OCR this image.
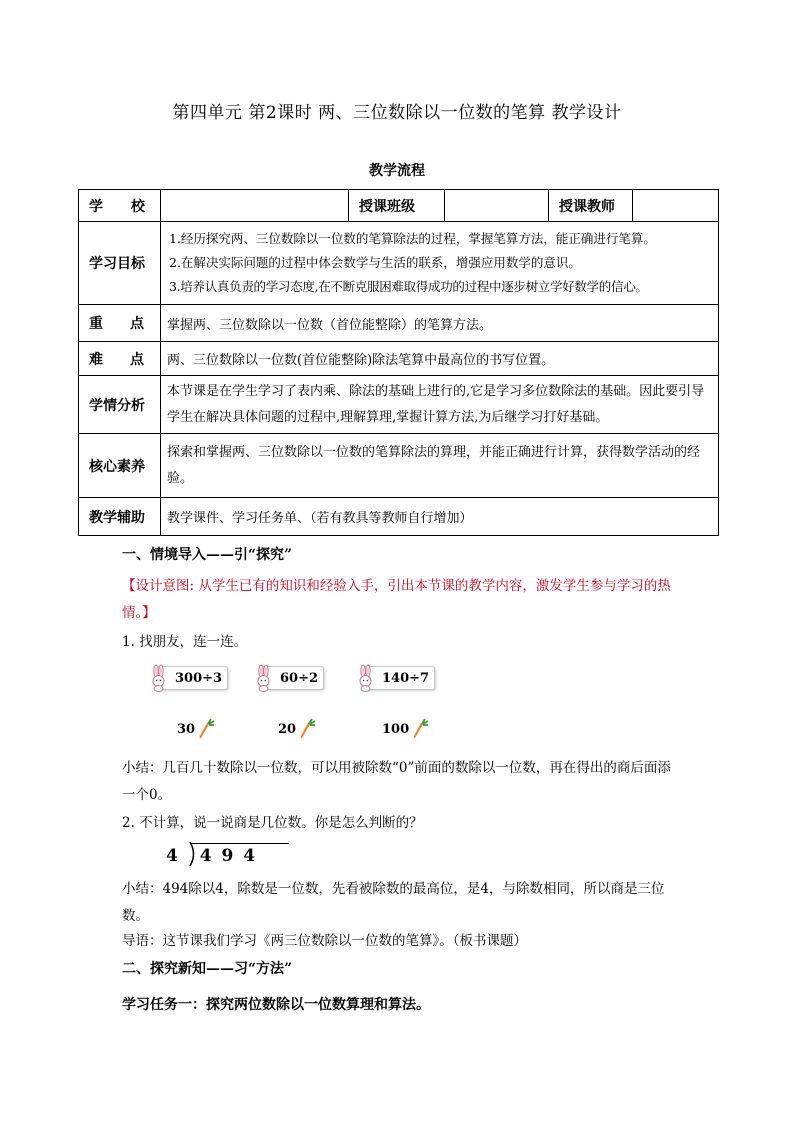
第四单元 第2课时 两、三位数除以一位数的笔算 教学设计
教学流程
学　　校		授课班级		授课教师	
学习目标	1.经历探究两、三位数除以一位数的笔算除法的过程，掌握笔算方法，能正确进行笔算。
2.在解决实际问题的过程中体会数学与生活的联系，增强应用数学的意识。
3.培养认真负责的学习态度,在不断克服困难取得成功的过程中逐步树立学好数学的信心。				

重 点	掌握两、三位数除以一位数（首位能整除）的笔算方法。				

难 点	两、三位数除以一位数(首位能整除)除法笔算中最高位的书写位置。				
学情分析	本节课是在学生学习了表内乘、除法的基础上进行的,它是学习多位数除法的基础。因此要引导学生在解决具体问题的过程中,理解算理,掌握计算方法,为后继学习打好基础。				
核心素养	探索和掌握两、三位数除以一位数的笔算除法的算理，并能正确进行计算，获得数学活动的经验。				
教学辅助	教学课件、学习任务单、（若有教具等教师自行增加）				
一、情境导入——引“探究”
【设计意图: 从学生已有的知识和经验入手，引出本节课的教学内容，激发学生参与学习的热情。】
1. 找朋友，连一连。
300÷3	60÷2	140÷7
30	20	100
小结：几百几十数除以一位数，可以用被除数“0”前面的数除以一位数，再在得出的商后面添一个0。
2. 不计算，说一说商是几位数。你是怎么判断的？
4 4 9 4
小结：494除以4，除数是一位数，先看被除数的最高位，是4，与除数相同，所以商是三位数。
导语：这节课我们学习《两三位数除以一位数的笔算》。（板书课题）
二、探究新知——习“方法”
学习任务一：探究两位数除以一位数算理和算法。
